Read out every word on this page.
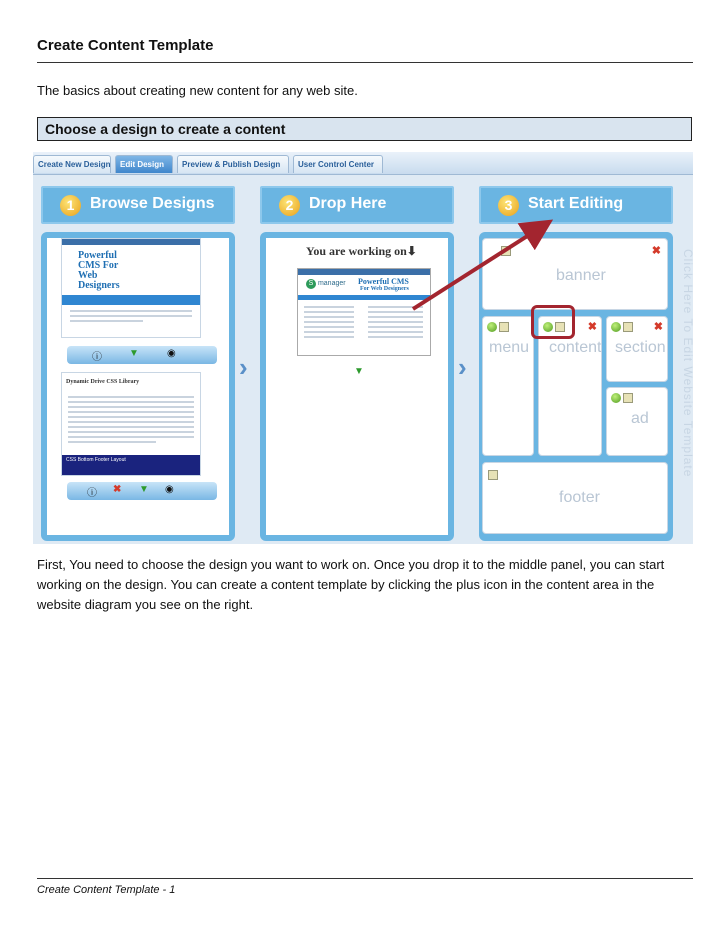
Create Content Template
The basics about creating new content for any web site.
Choose a design to create a content
Create New Design	Edit Design	Preview & Publish Design	User Control Center
1 Browse Designs	2 Drop Here	3 Start Editing
Powerful CMS For Web Designers
ⓘ	▼	◉
Dynamic Drive CSS Library
CSS Bottom Footer Layout
ⓘ ✖ ▼ ◉
›
You are working on⬇
S manager Powerful CMS
For Web Designers
▼	›
✖
banner
menu
✖
content
✖
section
ad
footer
Click Here To Edit Website Template
First, You need to choose the design you want to work on. Once you drop it to the middle panel, you can start working on the design. You can create a content template by clicking the plus icon in the content area in the website diagram you see on the right.
Create Content Template - 1
